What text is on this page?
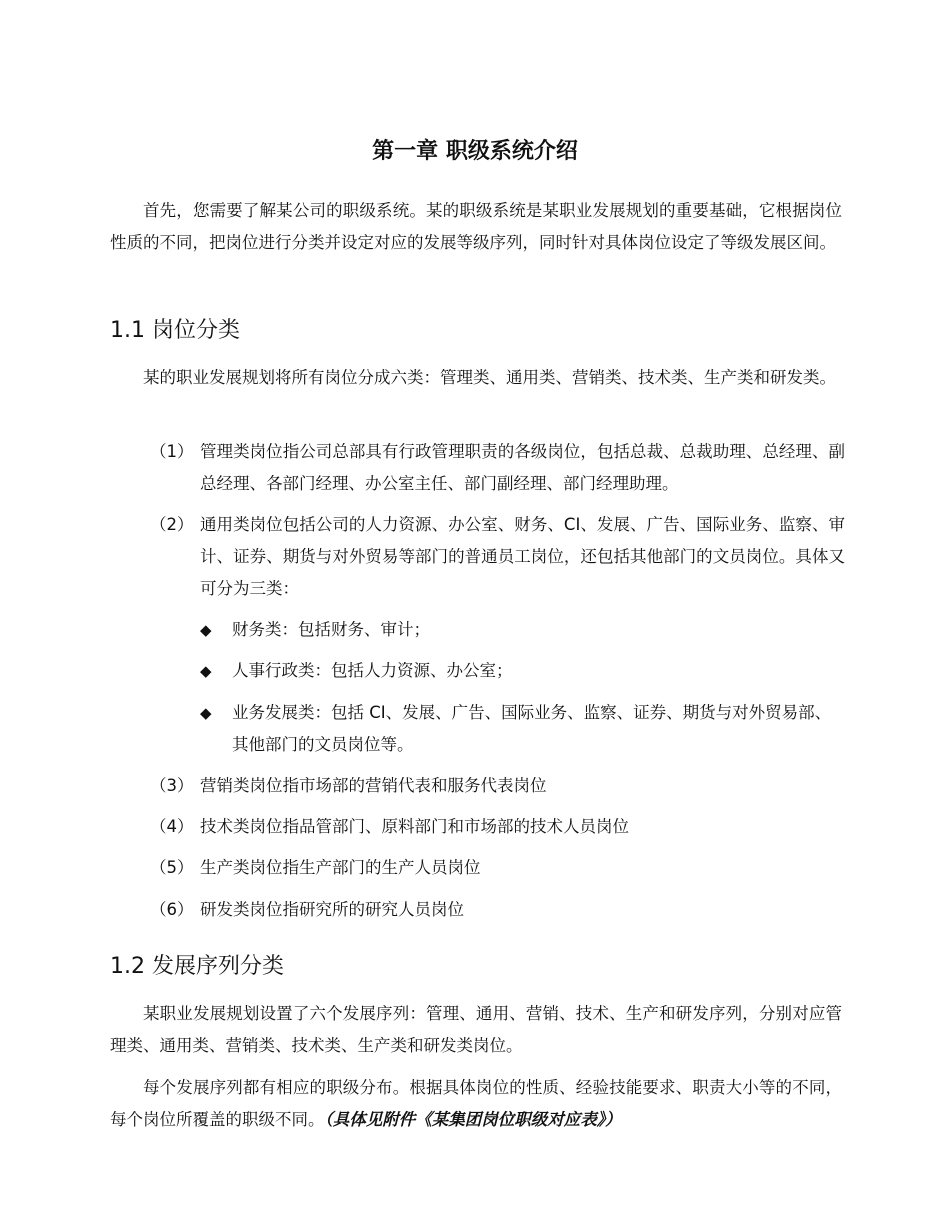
第一章 职级系统介绍
首先，您需要了解某公司的职级系统。某的职级系统是某职业发展规划的重要基础，它根据岗位性质的不同，把岗位进行分类并设定对应的发展等级序列，同时针对具体岗位设定了等级发展区间。
1.1 岗位分类
某的职业发展规划将所有岗位分成六类：管理类、通用类、营销类、技术类、生产类和研发类。
（1） 管理类岗位指公司总部具有行政管理职责的各级岗位，包括总裁、总裁助理、总经理、副总经理、各部门经理、办公室主任、部门副经理、部门经理助理。
（2） 通用类岗位包括公司的人力资源、办公室、财务、CI、发展、广告、国际业务、监察、审计、证券、期货与对外贸易等部门的普通员工岗位，还包括其他部门的文员岗位。具体又可分为三类：
◆	财务类：包括财务、审计；
◆	人事行政类：包括人力资源、办公室；
◆	业务发展类：包括 CI、发展、广告、国际业务、监察、证券、期货与对外贸易部、其他部门的文员岗位等。
（3） 营销类岗位指市场部的营销代表和服务代表岗位
（4） 技术类岗位指品管部门、原料部门和市场部的技术人员岗位
（5） 生产类岗位指生产部门的生产人员岗位
（6） 研发类岗位指研究所的研究人员岗位
1.2 发展序列分类
某职业发展规划设置了六个发展序列：管理、通用、营销、技术、生产和研发序列，分别对应管理类、通用类、营销类、技术类、生产类和研发类岗位。
每个发展序列都有相应的职级分布。根据具体岗位的性质、经验技能要求、职责大小等的不同，每个岗位所覆盖的职级不同。（具体见附件《某集团岗位职级对应表》）
